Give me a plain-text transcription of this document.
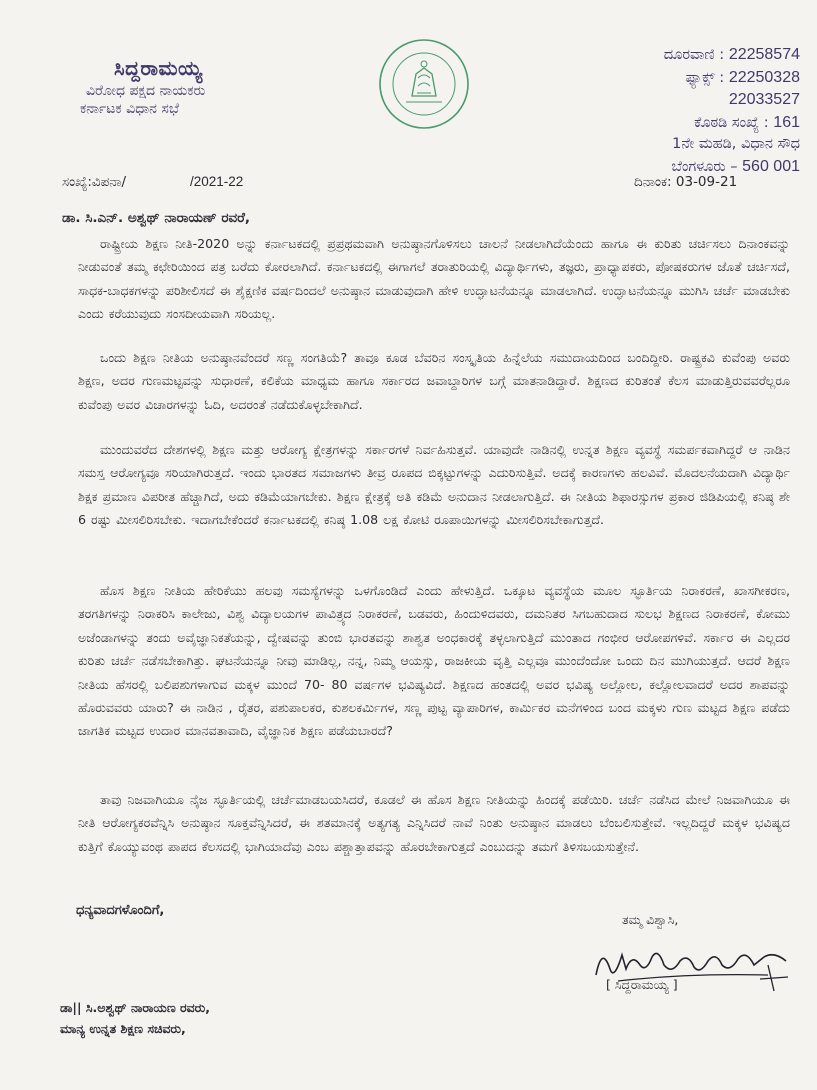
ಸಿದ್ದರಾಮಯ್ಯ
ವಿರೋಧ ಪಕ್ಷದ ನಾಯಕರು
ಕರ್ನಾಟಕ ವಿಧಾನ ಸಭೆ
ದೂರವಾಣಿ : 22258574
ಫ್ಯಾಕ್ಸ್ : 22250328
22033527
ಕೊಠಡಿ ಸಂಖ್ಯೆ : 161
1ನೇ ಮಹಡಿ, ವಿಧಾನ ಸೌಧ
ಬೆಂಗಳೂರು – 560 001
ಸಂಖ್ಯೆ:ವಿಪನಾ/	/2021-22	ದಿನಾಂಕ: 03-09-21
ಡಾ. ಸಿ.ಎನ್. ಅಶ್ವಥ್ ನಾರಾಯಣ್ ರವರೆ,
ರಾಷ್ಟ್ರೀಯ ಶಿಕ್ಷಣ ನೀತಿ-2020 ಅನ್ನು ಕರ್ನಾಟಕದಲ್ಲಿ ಪ್ರಪ್ರಥಮವಾಗಿ ಅನುಷ್ಠಾನಗೊಳಿಸಲು ಚಾಲನೆ ನೀಡಲಾಗಿದೆಯೆಂದು ಹಾಗೂ ಈ ಕುರಿತು ಚರ್ಚಿಸಲು ದಿನಾಂಕವನ್ನು ನೀಡುವಂತೆ ತಮ್ಮ ಕಛೇರಿಯಿಂದ ಪತ್ರ ಬರೆದು ಕೋರಲಾಗಿದೆ. ಕರ್ನಾಟಕದಲ್ಲಿ ಈಗಾಗಲೆ ತರಾತುರಿಯಲ್ಲಿ ವಿದ್ಯಾರ್ಥಿಗಳು, ತಜ್ಞರು, ಪ್ರಾಧ್ಯಾಪಕರು, ಪೋಷಕರುಗಳ ಜೊತೆ ಚರ್ಚಿಸದೆ, ಸಾಧಕ-ಬಾಧಕಗಳನ್ನು ಪರಿಶೀಲಿಸದೆ ಈ ಶೈಕ್ಷಣಿಕ ವರ್ಷದಿಂದಲೆ ಅನುಷ್ಠಾನ ಮಾಡುವುದಾಗಿ ಹೇಳಿ ಉದ್ಘಾಟನೆಯನ್ನೂ ಮಾಡಲಾಗಿದೆ. ಉದ್ಘಾಟನೆಯನ್ನೂ ಮುಗಿಸಿ ಚರ್ಚೆ ಮಾಡಬೇಕು ಎಂದು ಕರೆಯುವುದು ಸಂಸದೀಯವಾಗಿ ಸರಿಯಲ್ಲ.
ಒಂದು ಶಿಕ್ಷಣ ನೀತಿಯ ಅನುಷ್ಠಾನವೆಂದರೆ ಸಣ್ಣ ಸಂಗತಿಯೆ? ತಾವೂ ಕೂಡ ಬೆವರಿನ ಸಂಸ್ಕೃತಿಯ ಹಿನ್ನೆಲೆಯ ಸಮುದಾಯದಿಂದ ಬಂದಿದ್ದೀರಿ. ರಾಷ್ಟ್ರಕವಿ ಕುವೆಂಪು ಅವರು ಶಿಕ್ಷಣ, ಅದರ ಗುಣಮಟ್ಟವನ್ನು ಸುಧಾರಣೆ, ಕಲಿಕೆಯ ಮಾಧ್ಯಮ ಹಾಗೂ ಸರ್ಕಾರದ ಜವಾಬ್ದಾರಿಗಳ ಬಗ್ಗೆ ಮಾತನಾಡಿದ್ದಾರೆ. ಶಿಕ್ಷಣದ ಕುರಿತಂತೆ ಕೆಲಸ ಮಾಡುತ್ತಿರುವವರೆಲ್ಲರೂ ಕುವೆಂಪು ಅವರ ವಿಚಾರಗಳನ್ನು ಓದಿ, ಅದರಂತೆ ನಡೆದುಕೊಳ್ಳಬೇಕಾಗಿದೆ.
ಮುಂದುವರೆದ ದೇಶಗಳಲ್ಲಿ ಶಿಕ್ಷಣ ಮತ್ತು ಆರೋಗ್ಯ ಕ್ಷೇತ್ರಗಳನ್ನು ಸರ್ಕಾರಗಳೆ ನಿರ್ವಹಿಸುತ್ತವೆ. ಯಾವುದೇ ನಾಡಿನಲ್ಲಿ ಉನ್ನತ ಶಿಕ್ಷಣ ವ್ಯವಸ್ಥೆ ಸಮರ್ಪಕವಾಗಿದ್ದರೆ ಆ ನಾಡಿನ ಸಮಸ್ತ ಆರೋಗ್ಯವೂ ಸರಿಯಾಗಿರುತ್ತದೆ. ಇಂದು ಭಾರತದ ಸಮಾಜಗಳು ತೀವ್ರ ರೂಪದ ಬಿಕ್ಕಟ್ಟುಗಳನ್ನು ಎದುರಿಸುತ್ತಿವೆ. ಅದಕ್ಕೆ ಕಾರಣಗಳು ಹಲವಿವೆ. ಮೊದಲನೆಯದಾಗಿ ವಿದ್ಯಾರ್ಥಿ ಶಿಕ್ಷಕ ಪ್ರಮಾಣ ವಿಪರೀತ ಹೆಚ್ಚಾಗಿದೆ, ಅದು ಕಡಿಮೆಯಾಗಬೇಕು. ಶಿಕ್ಷಣ ಕ್ಷೇತ್ರಕ್ಕೆ ಅತಿ ಕಡಿಮೆ ಅನುದಾನ ನೀಡಲಾಗುತ್ತಿದೆ. ಈ ನೀತಿಯ ಶಿಫಾರಸ್ಸುಗಳ ಪ್ರಕಾರ ಜಿಡಿಪಿಯಲ್ಲಿ ಕನಿಷ್ಠ ಶೇ 6 ರಷ್ಟು ಮೀಸಲಿರಿಸಬೇಕು. ಇದಾಗಬೇಕೆಂದರೆ ಕರ್ನಾಟಕದಲ್ಲಿ ಕನಿಷ್ಠ 1.08 ಲಕ್ಷ ಕೋಟಿ ರೂಪಾಯಿಗಳನ್ನು ಮೀಸಲಿರಿಸಬೇಕಾಗುತ್ತದೆ.
ಹೊಸ ಶಿಕ್ಷಣ ನೀತಿಯ ಹೇರಿಕೆಯು ಹಲವು ಸಮಸ್ಯೆಗಳನ್ನು ಒಳಗೊಂಡಿದೆ ಎಂದು ಹೇಳುತ್ತಿದೆ. ಒಕ್ಕೂಟ ವ್ಯವಸ್ಥೆಯ ಮೂಲ ಸ್ಫೂರ್ತಿಯ ನಿರಾಕರಣೆ, ಖಾಸಗೀಕರಣ, ತರಗತಿಗಳನ್ನು ನಿರಾಕರಿಸಿ ಕಾಲೇಜು, ವಿಶ್ವ ವಿದ್ಯಾಲಯಗಳ ಪಾವಿತ್ರ್ಯದ ನಿರಾಕರಣೆ, ಬಡವರು, ಹಿಂದುಳಿದವರು, ದಮನಿತರ ಸಿಗಬಹುದಾದ ಸುಲಭ ಶಿಕ್ಷಣದ ನಿರಾಕರಣೆ, ಕೋಮು ಅಜೆಂಡಾಗಳನ್ನು ತಂದು ಅವೈಜ್ಞಾನಿಕತೆಯನ್ನು, ದ್ವೇಷವನ್ನು ತುಂಬಿ ಭಾರತವನ್ನು ಶಾಶ್ವತ ಅಂಧಕಾರಕ್ಕೆ ತಳ್ಳಲಾಗುತ್ತಿದೆ ಮುಂತಾದ ಗಂಭೀರ ಆರೋಪಗಳಿವೆ. ಸರ್ಕಾರ ಈ ಎಲ್ಲದರ ಕುರಿತು ಚರ್ಚೆ ನಡೆಸಬೇಕಾಗಿತ್ತು. ಘಟನೆಯನ್ನೂ ನೀವು ಮಾಡಿಲ್ಲ, ನನ್ನ, ನಿಮ್ಮ ಆಯಸ್ಸು, ರಾಜಕೀಯ ವೃತ್ತಿ ಎಲ್ಲವೂ ಮುಂದೆಂದೋ ಒಂದು ದಿನ ಮುಗಿಯುತ್ತದೆ. ಆದರೆ ಶಿಕ್ಷಣ ನೀತಿಯ ಹೆಸರಲ್ಲಿ ಬಲಿಪಶುಗಳಾಗುವ ಮಕ್ಕಳ ಮುಂದೆ 70- 80 ವರ್ಷಗಳ ಭವಿಷ್ಯವಿದೆ. ಶಿಕ್ಷಣದ ಹಂತದಲ್ಲಿ ಅವರ ಭವಿಷ್ಯ ಅಲ್ಲೋಲ, ಕಲ್ಲೋಲವಾದರೆ ಅದರ ಶಾಪವನ್ನು ಹೊರುವವರು ಯಾರು? ಈ ನಾಡಿನ , ರೈತರ, ಪಶುಪಾಲಕರ, ಕುಶಲಕರ್ಮಿಗಳ, ಸಣ್ಣ ಪುಟ್ಟ ವ್ಯಾಪಾರಿಗಳ, ಕಾರ್ಮಿಕರ ಮನೆಗಳಿಂದ ಬಂದ ಮಕ್ಕಳು ಗುಣ ಮಟ್ಟದ ಶಿಕ್ಷಣ ಪಡೆದು ಜಾಗತಿಕ ಮಟ್ಟದ ಉದಾರ ಮಾನವತಾವಾದಿ, ವೈಜ್ಞಾನಿಕ ಶಿಕ್ಷಣ ಪಡೆಯಬಾರದೆ?
ತಾವು ನಿಜವಾಗಿಯೂ ನೈಜ ಸ್ಫೂರ್ತಿಯಲ್ಲಿ ಚರ್ಚೆಮಾಡಬಯಸಿದರೆ, ಕೂಡಲೆ ಈ ಹೊಸ ಶಿಕ್ಷಣ ನೀತಿಯನ್ನು ಹಿಂದಕ್ಕೆ ಪಡೆಯಿರಿ. ಚರ್ಚೆ ನಡೆಸಿದ ಮೇಲೆ ನಿಜವಾಗಿಯೂ ಈ ನೀತಿ ಆರೋಗ್ಯಕರವೆನ್ನಿಸಿ ಅನುಷ್ಠಾನ ಸೂಕ್ತವೆನ್ನಿಸಿದರೆ, ಈ ಶತಮಾನಕ್ಕೆ ಅತ್ಯಗತ್ಯ ಎನ್ನಿಸಿದರೆ ನಾವೆ ನಿಂತು ಅನುಷ್ಠಾನ ಮಾಡಲು ಬೆಂಬಲಿಸುತ್ತೇವೆ. ಇಲ್ಲದಿದ್ದರೆ ಮಕ್ಕಳ ಭವಿಷ್ಯದ ಕುತ್ತಿಗೆ ಕೊಯ್ಯುವಂಥ ಪಾಪದ ಕೆಲಸದಲ್ಲಿ ಭಾಗಿಯಾದೆವು ಎಂಬ ಪಶ್ಚಾತ್ತಾಪವನ್ನು ಹೊರಬೇಕಾಗುತ್ತದೆ ಎಂಬುದನ್ನು ತಮಗೆ ತಿಳಿಸಬಯಸುತ್ತೇನೆ.
ಧನ್ಯವಾದಗಳೊಂದಿಗೆ,
ತಮ್ಮ ವಿಶ್ವಾಸಿ,
[ ಸಿದ್ದರಾಮಯ್ಯ ]
ಡಾ|| ಸಿ.ಅಶ್ವಥ್ ನಾರಾಯಣ ರವರು,
ಮಾನ್ಯ ಉನ್ನತ ಶಿಕ್ಷಣ ಸಚಿವರು,
